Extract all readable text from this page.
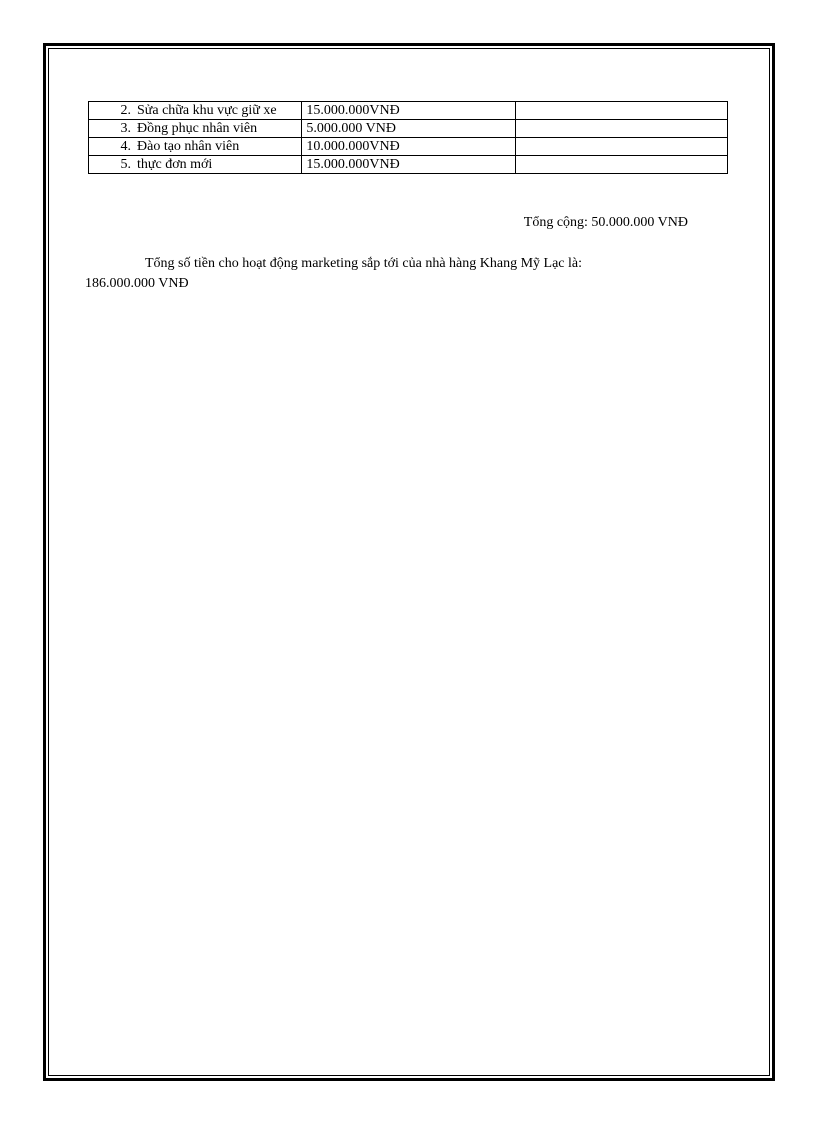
2. Sửa chữa khu vực giữ xe	15.000.000VNĐ	

3. Đồng phục nhân viên	5.000.000 VNĐ	

4. Đào tạo nhân viên	10.000.000VNĐ	

5. thực đơn mới	15.000.000VNĐ	
Tổng cộng: 50.000.000 VNĐ

Tổng số tiền cho hoạt động marketing sắp tới của nhà hàng Khang Mỹ Lạc là:
186.000.000 VNĐ
